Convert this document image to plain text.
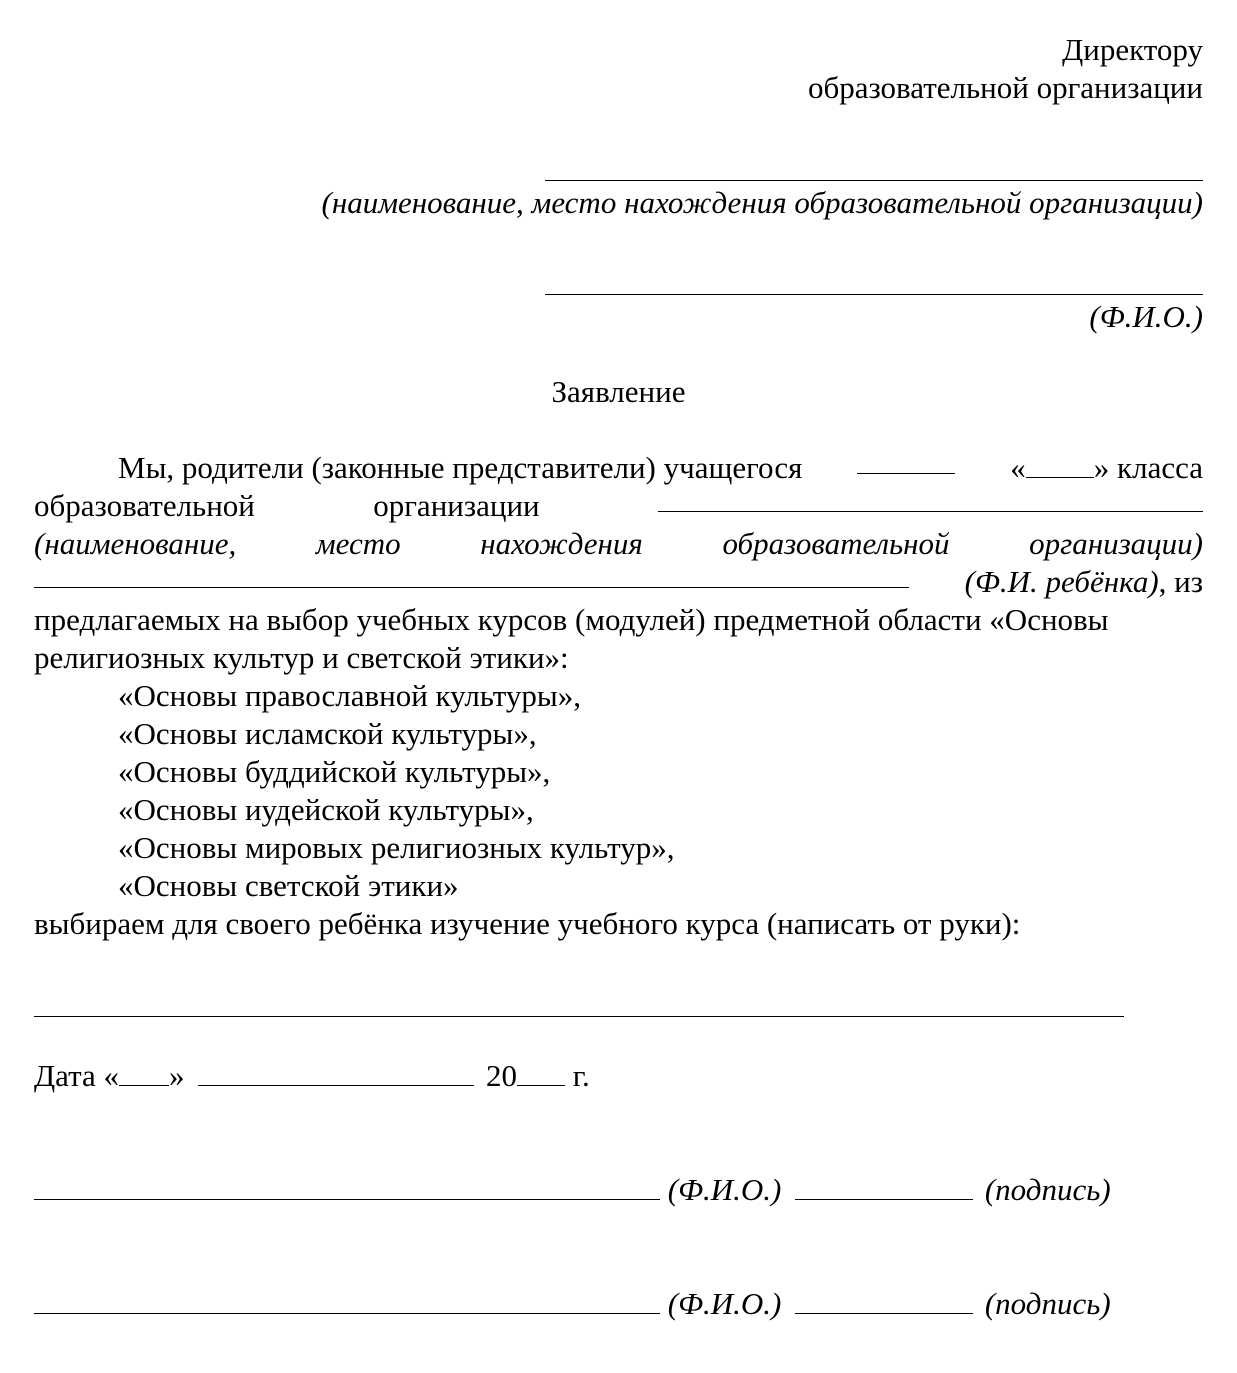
Директору
образовательной организации
(наименование, место нахождения образовательной организации)
(Ф.И.О.)
Заявление
Мы, родители (законные представители) учащегося	« » класса
образовательной	организации
(наименование,	место	нахождения	образовательной	организации)
(Ф.И. ребёнка), из
предлагаемых на выбор учебных курсов (модулей) предметной области «Основы
религиозных культур и светской этики»:
«Основы православной культуры»,
«Основы исламской культуры»,
«Основы буддийской культуры»,
«Основы иудейской культуры»,
«Основы мировых религиозных культур»,
«Основы светской этики»
выбираем для своего ребёнка изучение учебного курса (написать от руки):
Дата « »	20 г.
(Ф.И.О.)	(подпись)
(Ф.И.О.)	(подпись)
